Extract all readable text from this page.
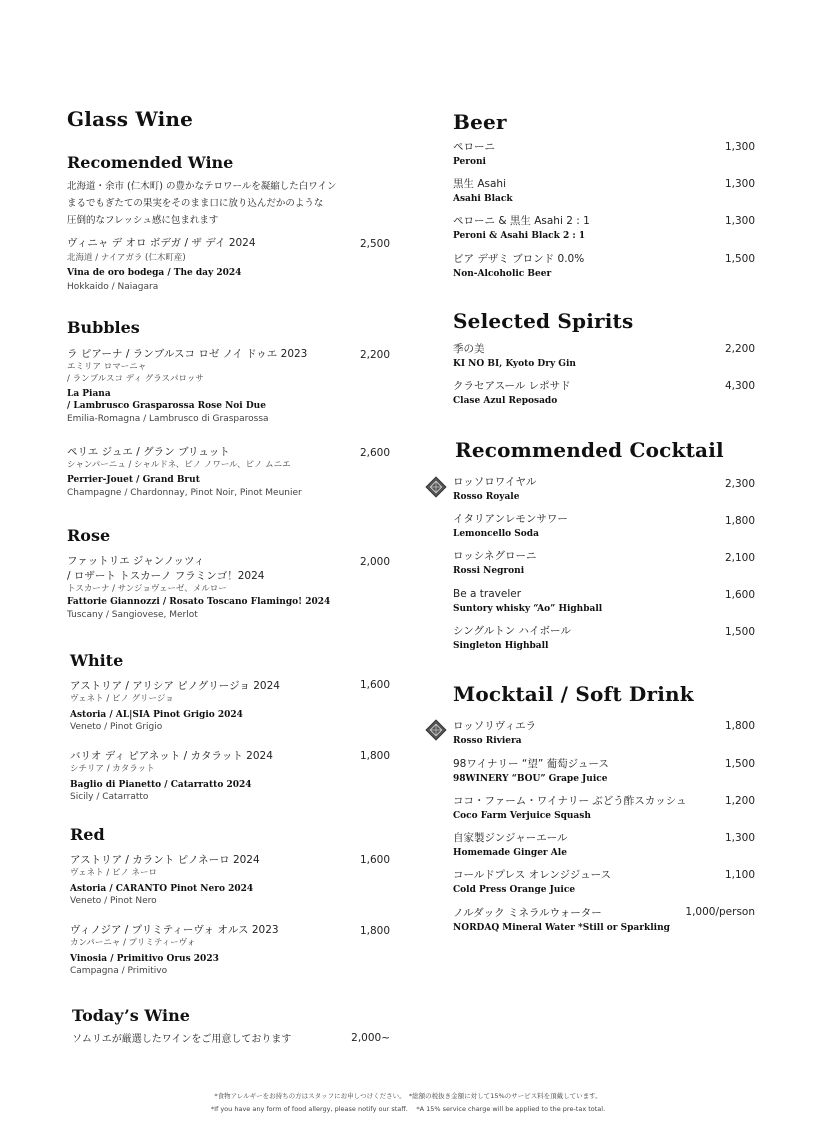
Glass Wine
Recomended Wine
北海道・余市 (仁木町) の豊かなテロワールを凝縮した白ワイン
まるでもぎたての果実をそのまま口に放り込んだかのような
圧倒的なフレッシュ感に包まれます
ヴィニャ デ オロ ボデガ / ザ デイ 2024
北海道 / ナイアガラ (仁木町産)
Vina de oro bodega / The day 2024
Hokkaido / Naiagara
2,500
Bubbles
ラ ピアーナ / ランブルスコ ロゼ ノイ ドゥエ 2023
エミリア ロマーニャ
/ ランブルスコ ディ グラスパロッサ
La Piana
/ Lambrusco Grasparossa Rose Noi Due
Emilia-Romagna / Lambrusco di Grasparossa
2,200
ペリエ ジュエ / グラン ブリュット
シャンパーニュ / シャルドネ、ピノ ノワール、ピノ ムニエ
Perrier-Jouet / Grand Brut
Champagne / Chardonnay, Pinot Noir, Pinot Meunier
2,600
Rose
ファットリエ ジャンノッツィ
/ ロザート トスカーノ フラミンゴ！2024
トスカーナ / サンジョヴェーゼ、メルロー
Fattorie Giannozzi / Rosato Toscano Flamingo! 2024
Tuscany / Sangiovese, Merlot
2,000
White
アストリア / アリシア ピノグリージョ 2024
ヴェネト / ピノ グリージョ
Astoria / AL|SIA Pinot Grigio 2024
Veneto / Pinot Grigio
1,600
バリオ ディ ピアネット / カタラット 2024
シチリア / カタラット
Baglio di Pianetto / Catarratto 2024
Sicily / Catarratto
1,800
Red
アストリア / カラント ピノネーロ 2024
ヴェネト / ピノ ネーロ
Astoria / CARANTO Pinot Nero 2024
Veneto / Pinot Nero
1,600
ヴィノジア / プリミティーヴォ オルス 2023
カンパーニャ / プリミティーヴォ
Vinosia / Primitivo Orus 2023
Campagna / Primitivo
1,800
Today’s Wine
ソムリエが厳選したワインをご用意しております	2,000~
Beer
ペローニ
Peroni
1,300
黒生 Asahi
Asahi Black
1,300
ペローニ & 黒生 Asahi 2 : 1
Peroni & Asahi Black 2 : 1
1,300
ビア デザミ ブロンド 0.0%
Non-Alcoholic Beer
1,500
Selected Spirits
季の美
KI NO BI, Kyoto Dry Gin
2,200
クラセアスール レポサド
Clase Azul Reposado
4,300
Recommended Cocktail
ロッソロワイヤル
Rosso Royale
2,300
イタリアンレモンサワー
Lemoncello Soda
1,800
ロッシネグローニ
Rossi Negroni
2,100
Be a traveler
Suntory whisky “Ao” Highball
1,600
シングルトン ハイボール
Singleton Highball
1,500
Mocktail / Soft Drink
ロッソリヴィエラ
Rosso Riviera
1,800
98ワイナリー “望” 葡萄ジュース
98WINERY “BOU” Grape Juice
1,500
ココ・ファーム・ワイナリー ぶどう酢スカッシュ
Coco Farm Verjuice Squash
1,200
自家製ジンジャーエール
Homemade Ginger Ale
1,300
コールドプレス オレンジジュース
Cold Press Orange Juice
1,100
ノルダック ミネラルウォーター
NORDAQ Mineral Water *Still or Sparkling
1,000/person
*食物アレルギーをお持ちの方はスタッフにお申しつけください。　*総額の税抜き金額に対して15%のサービス料を頂戴しています。
*If you have any form of food allergy, please notify our staff.　 *A 15% service charge will be applied to the pre-tax total.
